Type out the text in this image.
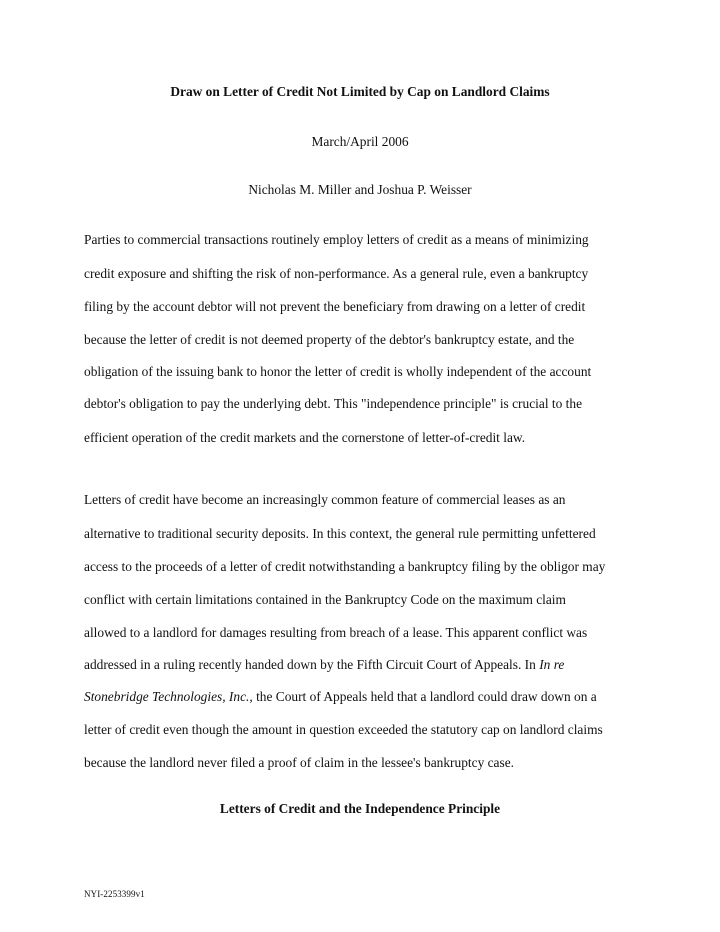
Draw on Letter of Credit Not Limited by Cap on Landlord Claims
March/April 2006
Nicholas M. Miller and Joshua P. Weisser
Parties to commercial transactions routinely employ letters of credit as a means of minimizing
credit exposure and shifting the risk of non-performance. As a general rule, even a bankruptcy
filing by the account debtor will not prevent the beneficiary from drawing on a letter of credit
because the letter of credit is not deemed property of the debtor's bankruptcy estate, and the
obligation of the issuing bank to honor the letter of credit is wholly independent of the account
debtor's obligation to pay the underlying debt. This "independence principle" is crucial to the
efficient operation of the credit markets and the cornerstone of letter-of-credit law.
Letters of credit have become an increasingly common feature of commercial leases as an
alternative to traditional security deposits. In this context, the general rule permitting unfettered
access to the proceeds of a letter of credit notwithstanding a bankruptcy filing by the obligor may
conflict with certain limitations contained in the Bankruptcy Code on the maximum claim
allowed to a landlord for damages resulting from breach of a lease. This apparent conflict was
addressed in a ruling recently handed down by the Fifth Circuit Court of Appeals. In In re
Stonebridge Technologies, Inc., the Court of Appeals held that a landlord could draw down on a
letter of credit even though the amount in question exceeded the statutory cap on landlord claims
because the landlord never filed a proof of claim in the lessee's bankruptcy case.
Letters of Credit and the Independence Principle
NYI-2253399v1
